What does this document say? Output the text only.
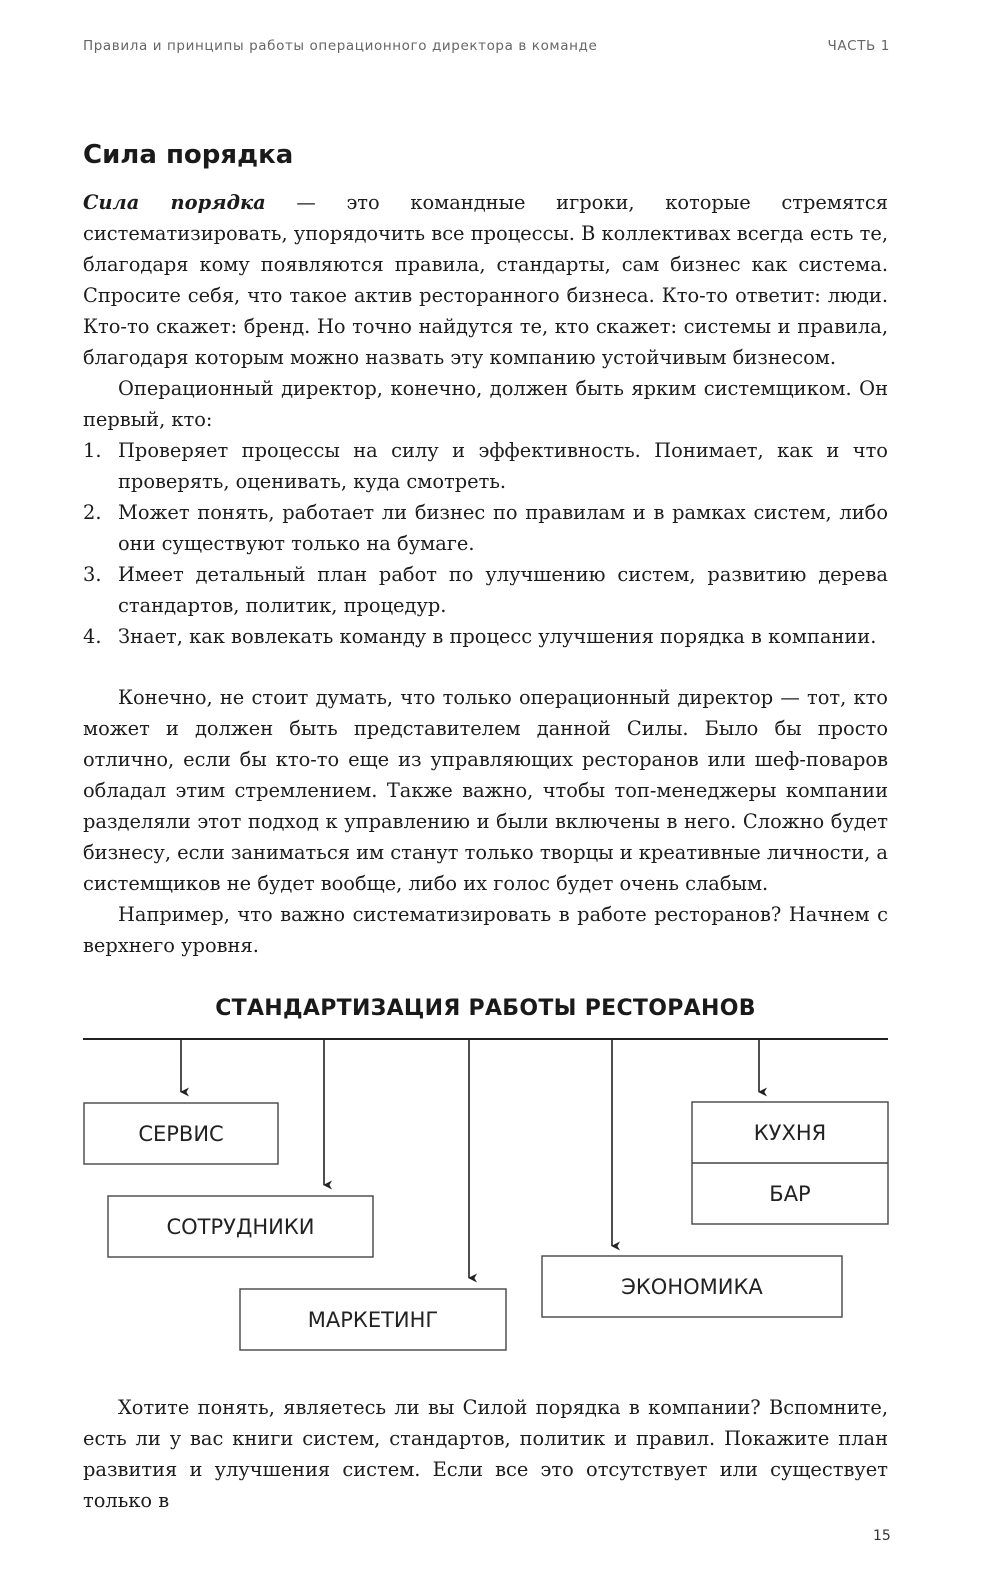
Правила и принципы работы операционного директора в команде	ЧАСТЬ 1
Сила порядка

Сила порядка — это командные игроки, которые стремятся систематизировать, упорядочить все процессы. В коллективах всегда есть те, благодаря кому появляются правила, стандарты, сам бизнес как система. Спросите себя, что такое актив ресторанного бизнеса. Кто-то ответит: люди. Кто-то скажет: бренд. Но точно найдутся те, кто скажет: системы и правила, благодаря которым можно назвать эту компанию устойчивым бизнесом.

Операционный директор, конечно, должен быть ярким системщиком. Он первый, кто:

1. Проверяет процессы на силу и эффективность. Понимает, как и что проверять, оценивать, куда смотреть.
2. Может понять, работает ли бизнес по правилам и в рамках систем, либо они существуют только на бумаге.
3. Имеет детальный план работ по улучшению систем, развитию дерева стандартов, политик, процедур.
4. Знает, как вовлекать команду в процесс улучшения порядка в компании.

Конечно, не стоит думать, что только операционный директор — тот, кто может и должен быть представителем данной Силы. Было бы просто отлично, если бы кто-то еще из управляющих ресторанов или шеф-поваров обладал этим стремлением. Также важно, чтобы топ-менеджеры компании разделяли этот подход к управлению и были включены в него. Сложно будет бизнесу, если заниматься им станут только творцы и креативные личности, а системщиков не будет вообще, либо их голос будет очень слабым.

Например, что важно систематизировать в работе ресторанов? Начнем с верхнего уровня.

СТАНДАРТИЗАЦИЯ РАБОТЫ РЕСТОРАНОВ
СЕРВИС
СОТРУДНИКИ
МАРКЕТИНГ
ЭКОНОМИКА
КУХНЯ
БАР

Хотите понять, являетесь ли вы Силой порядка в компании? Вспомните, есть ли у вас книги систем, стандартов, политик и правил. Покажите план развития и улучшения систем. Если все это отсутствует или существует только в

15
